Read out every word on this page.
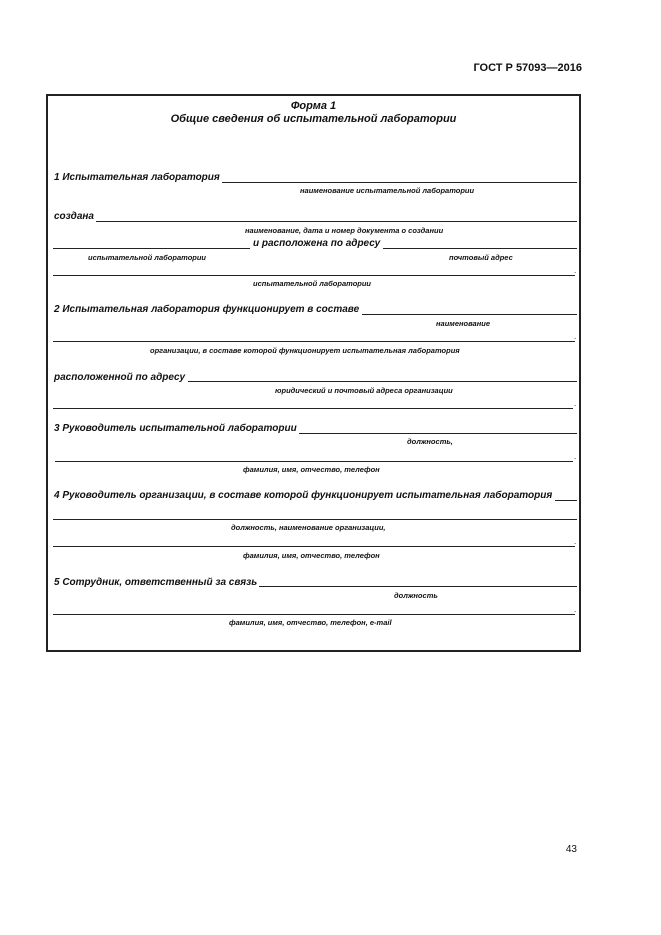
ГОСТ Р 57093—2016
Форма 1
Общие сведения об испытательной лаборатории
1 Испытательная лаборатория
наименование испытательной лаборатории
создана
наименование, дата и номер документа о создании
и расположена по адресу
испытательной лаборатории	почтовый адрес
.
испытательной лаборатории
2 Испытательная лаборатория функционирует в составе
наименование
.
организации, в составе которой функционирует испытательная лаборатория
расположенной по адресу
юридический и почтовый адреса организации
.
3 Руководитель испытательной лаборатории
должность,
.
фамилия, имя, отчество, телефон
4 Руководитель организации, в составе которой функционирует испытательная лаборатория
должность, наименование организации,
.
фамилия, имя, отчество, телефон
5 Сотрудник, ответственный за связь
должность
.
фамилия, имя, отчество, телефон, e-mail
43
